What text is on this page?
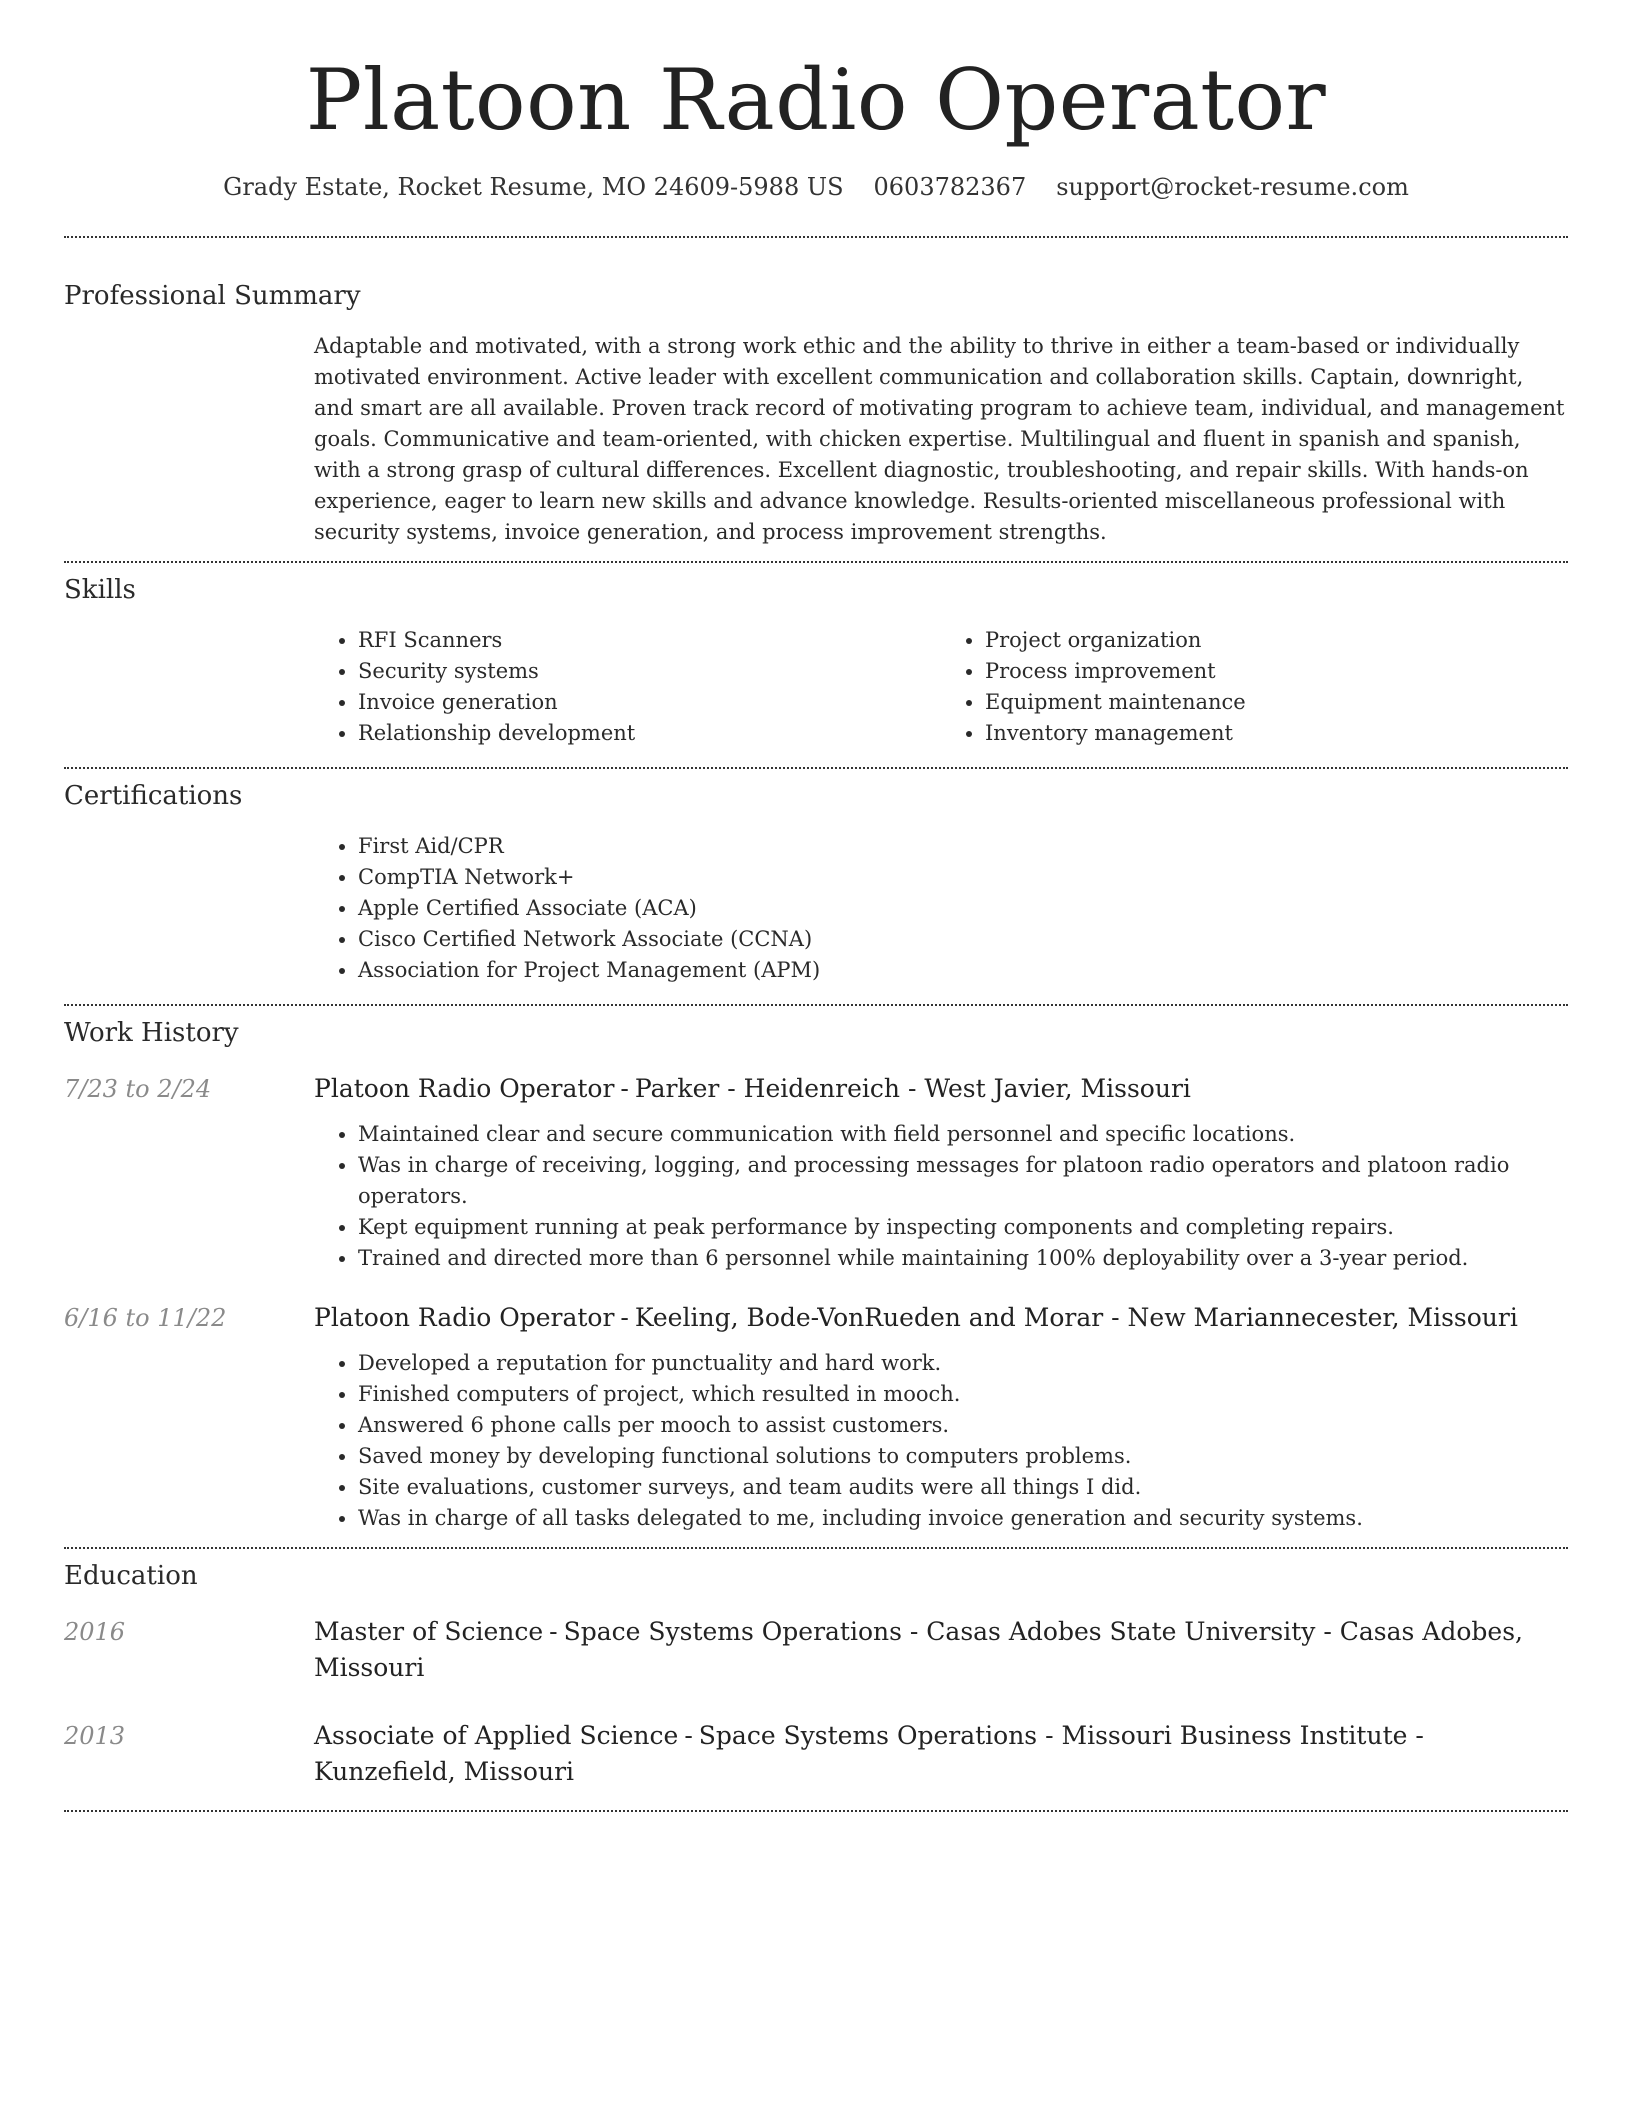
Platoon Radio Operator
Grady Estate, Rocket Resume, MO 24609-5988 US 0603782367 support@rocket-resume.com
Professional Summary
Adaptable and motivated, with a strong work ethic and the ability to thrive in either a team-based or individually motivated environment. Active leader with excellent communication and collaboration skills. Captain, downright, and smart are all available. Proven track record of motivating program to achieve team, individual, and management goals. Communicative and team-oriented, with chicken expertise. Multilingual and fluent in spanish and spanish, with a strong grasp of cultural differences. Excellent diagnostic, troubleshooting, and repair skills. With hands-on experience, eager to learn new skills and advance knowledge. Results-oriented miscellaneous professional with security systems, invoice generation, and process improvement strengths.
Skills
• RFI Scanners
• Security systems
• Invoice generation
• Relationship development
• Project organization
• Process improvement
• Equipment maintenance
• Inventory management
Certifications
• First Aid/CPR
• CompTIA Network+
• Apple Certified Associate (ACA)
• Cisco Certified Network Associate (CCNA)
• Association for Project Management (APM)
Work History
7/23 to 2/24	Platoon Radio Operator - Parker - Heidenreich - West Javier, Missouri
• Maintained clear and secure communication with field personnel and specific locations.
• Was in charge of receiving, logging, and processing messages for platoon radio operators and platoon radio operators.
• Kept equipment running at peak performance by inspecting components and completing repairs.
• Trained and directed more than 6 personnel while maintaining 100% deployability over a 3-year period.
6/16 to 11/22	Platoon Radio Operator - Keeling, Bode-VonRueden and Morar - New Mariannecester, Missouri
• Developed a reputation for punctuality and hard work.
• Finished computers of project, which resulted in mooch.
• Answered 6 phone calls per mooch to assist customers.
• Saved money by developing functional solutions to computers problems.
• Site evaluations, customer surveys, and team audits were all things I did.
• Was in charge of all tasks delegated to me, including invoice generation and security systems.
Education
2016	Master of Science - Space Systems Operations - Casas Adobes State University - Casas Adobes, Missouri
2013	Associate of Applied Science - Space Systems Operations - Missouri Business Institute - Kunzefield, Missouri
